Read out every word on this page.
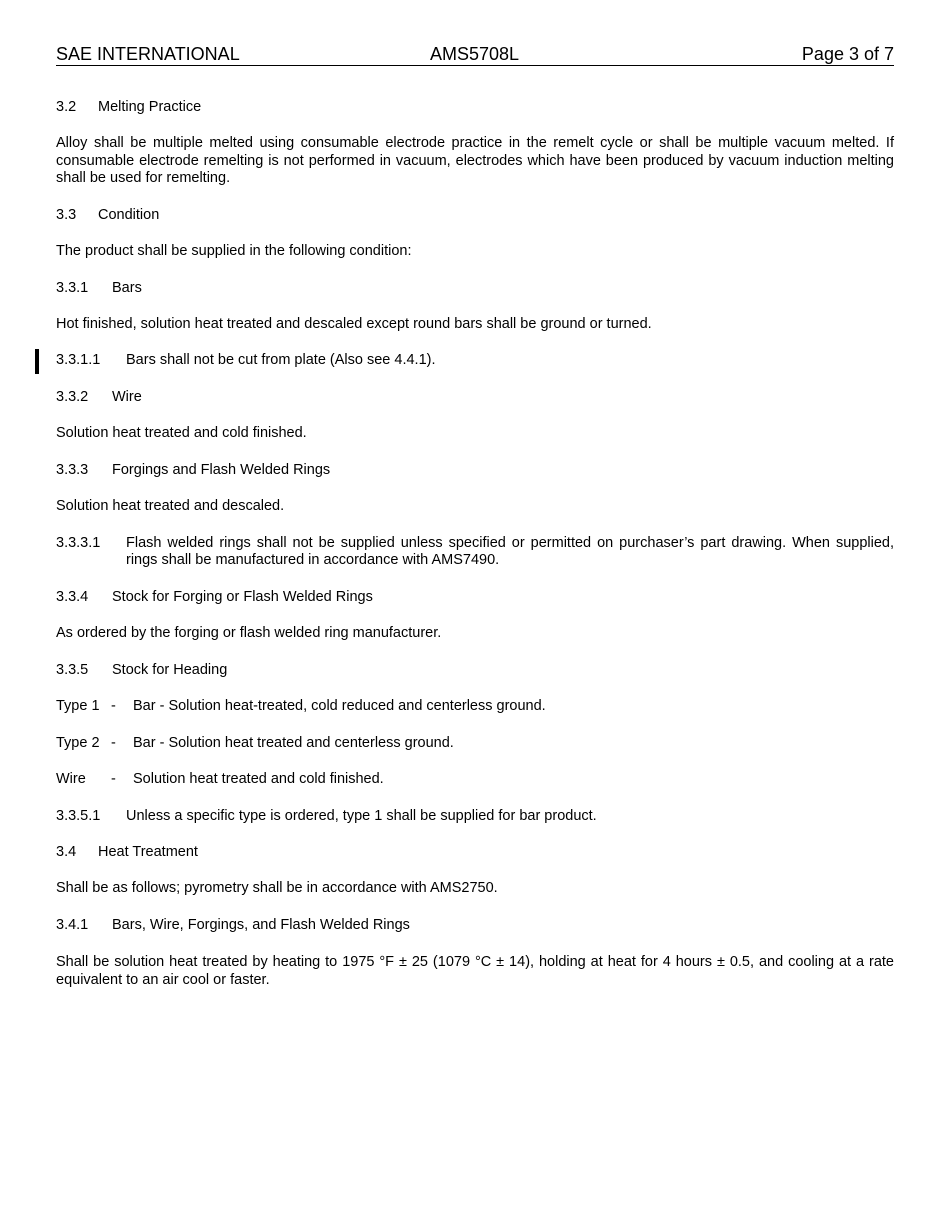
SAE INTERNATIONAL	AMS5708L	Page 3 of 7
3.2 Melting Practice
Alloy shall be multiple melted using consumable electrode practice in the remelt cycle or shall be multiple vacuum melted. If consumable electrode remelting is not performed in vacuum, electrodes which have been produced by vacuum induction melting shall be used for remelting.
3.3 Condition
The product shall be supplied in the following condition:
3.3.1 Bars
Hot finished, solution heat treated and descaled except round bars shall be ground or turned.
3.3.1.1 Bars shall not be cut from plate (Also see 4.4.1).
3.3.2 Wire
Solution heat treated and cold finished.
3.3.3 Forgings and Flash Welded Rings
Solution heat treated and descaled.
3.3.3.1 Flash welded rings shall not be supplied unless specified or permitted on purchaser’s part drawing. When supplied, rings shall be manufactured in accordance with AMS7490.
3.3.4 Stock for Forging or Flash Welded Rings
As ordered by the forging or flash welded ring manufacturer.
3.3.5 Stock for Heading
Type 1 - Bar - Solution heat-treated, cold reduced and centerless ground.
Type 2 - Bar - Solution heat treated and centerless ground.
Wire - Solution heat treated and cold finished.
3.3.5.1 Unless a specific type is ordered, type 1 shall be supplied for bar product.
3.4 Heat Treatment
Shall be as follows; pyrometry shall be in accordance with AMS2750.
3.4.1 Bars, Wire, Forgings, and Flash Welded Rings
Shall be solution heat treated by heating to 1975 °F ± 25 (1079 °C ± 14), holding at heat for 4 hours ± 0.5, and cooling at a rate equivalent to an air cool or faster.
